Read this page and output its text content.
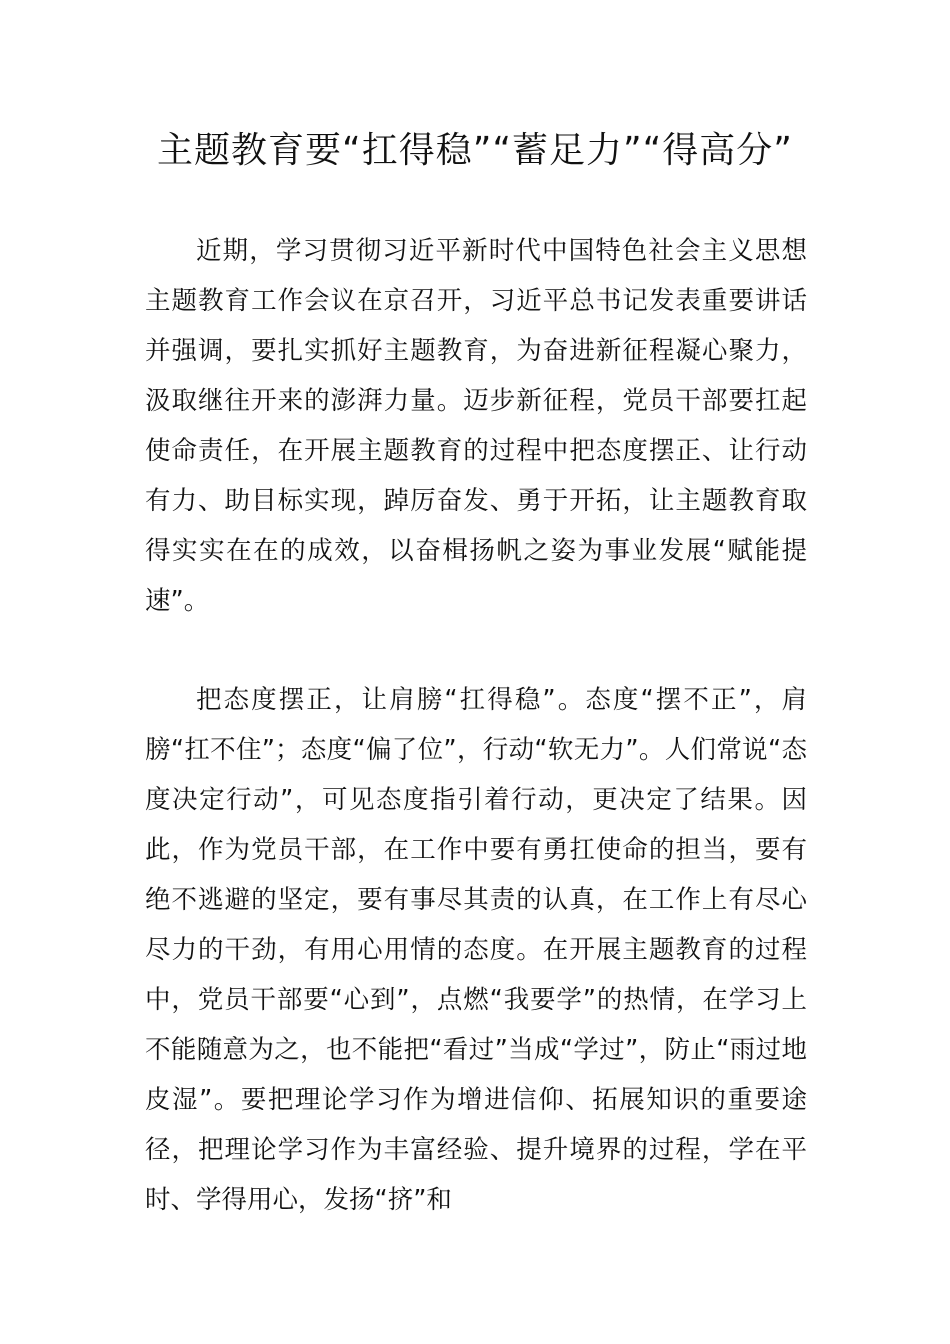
主题教育要“扛得稳”“蓄足力”“得高分”

近期，学习贯彻习近平新时代中国特色社会主义思想主题教育工作会议在京召开，习近平总书记发表重要讲话并强调，要扎实抓好主题教育，为奋进新征程凝心聚力，汲取继往开来的澎湃力量。迈步新征程，党员干部要扛起使命责任，在开展主题教育的过程中把态度摆正、让行动有力、助目标实现，踔厉奋发、勇于开拓，让主题教育取得实实在在的成效，以奋楫扬帆之姿为事业发展“赋能提速”。

把态度摆正，让肩膀“扛得稳”。态度“摆不正”，肩膀“扛不住”；态度“偏了位”，行动“软无力”。人们常说“态度决定行动”，可见态度指引着行动，更决定了结果。因此，作为党员干部，在工作中要有勇扛使命的担当，要有绝不逃避的坚定，要有事尽其责的认真，在工作上有尽心尽力的干劲，有用心用情的态度。在开展主题教育的过程中，党员干部要“心到”，点燃“我要学”的热情，在学习上不能随意为之，也不能把“看过”当成“学过”，防止“雨过地皮湿”。要把理论学习作为增进信仰、拓展知识的重要途径，把理论学习作为丰富经验、提升境界的过程，学在平时、学得用心，发扬“挤”和
